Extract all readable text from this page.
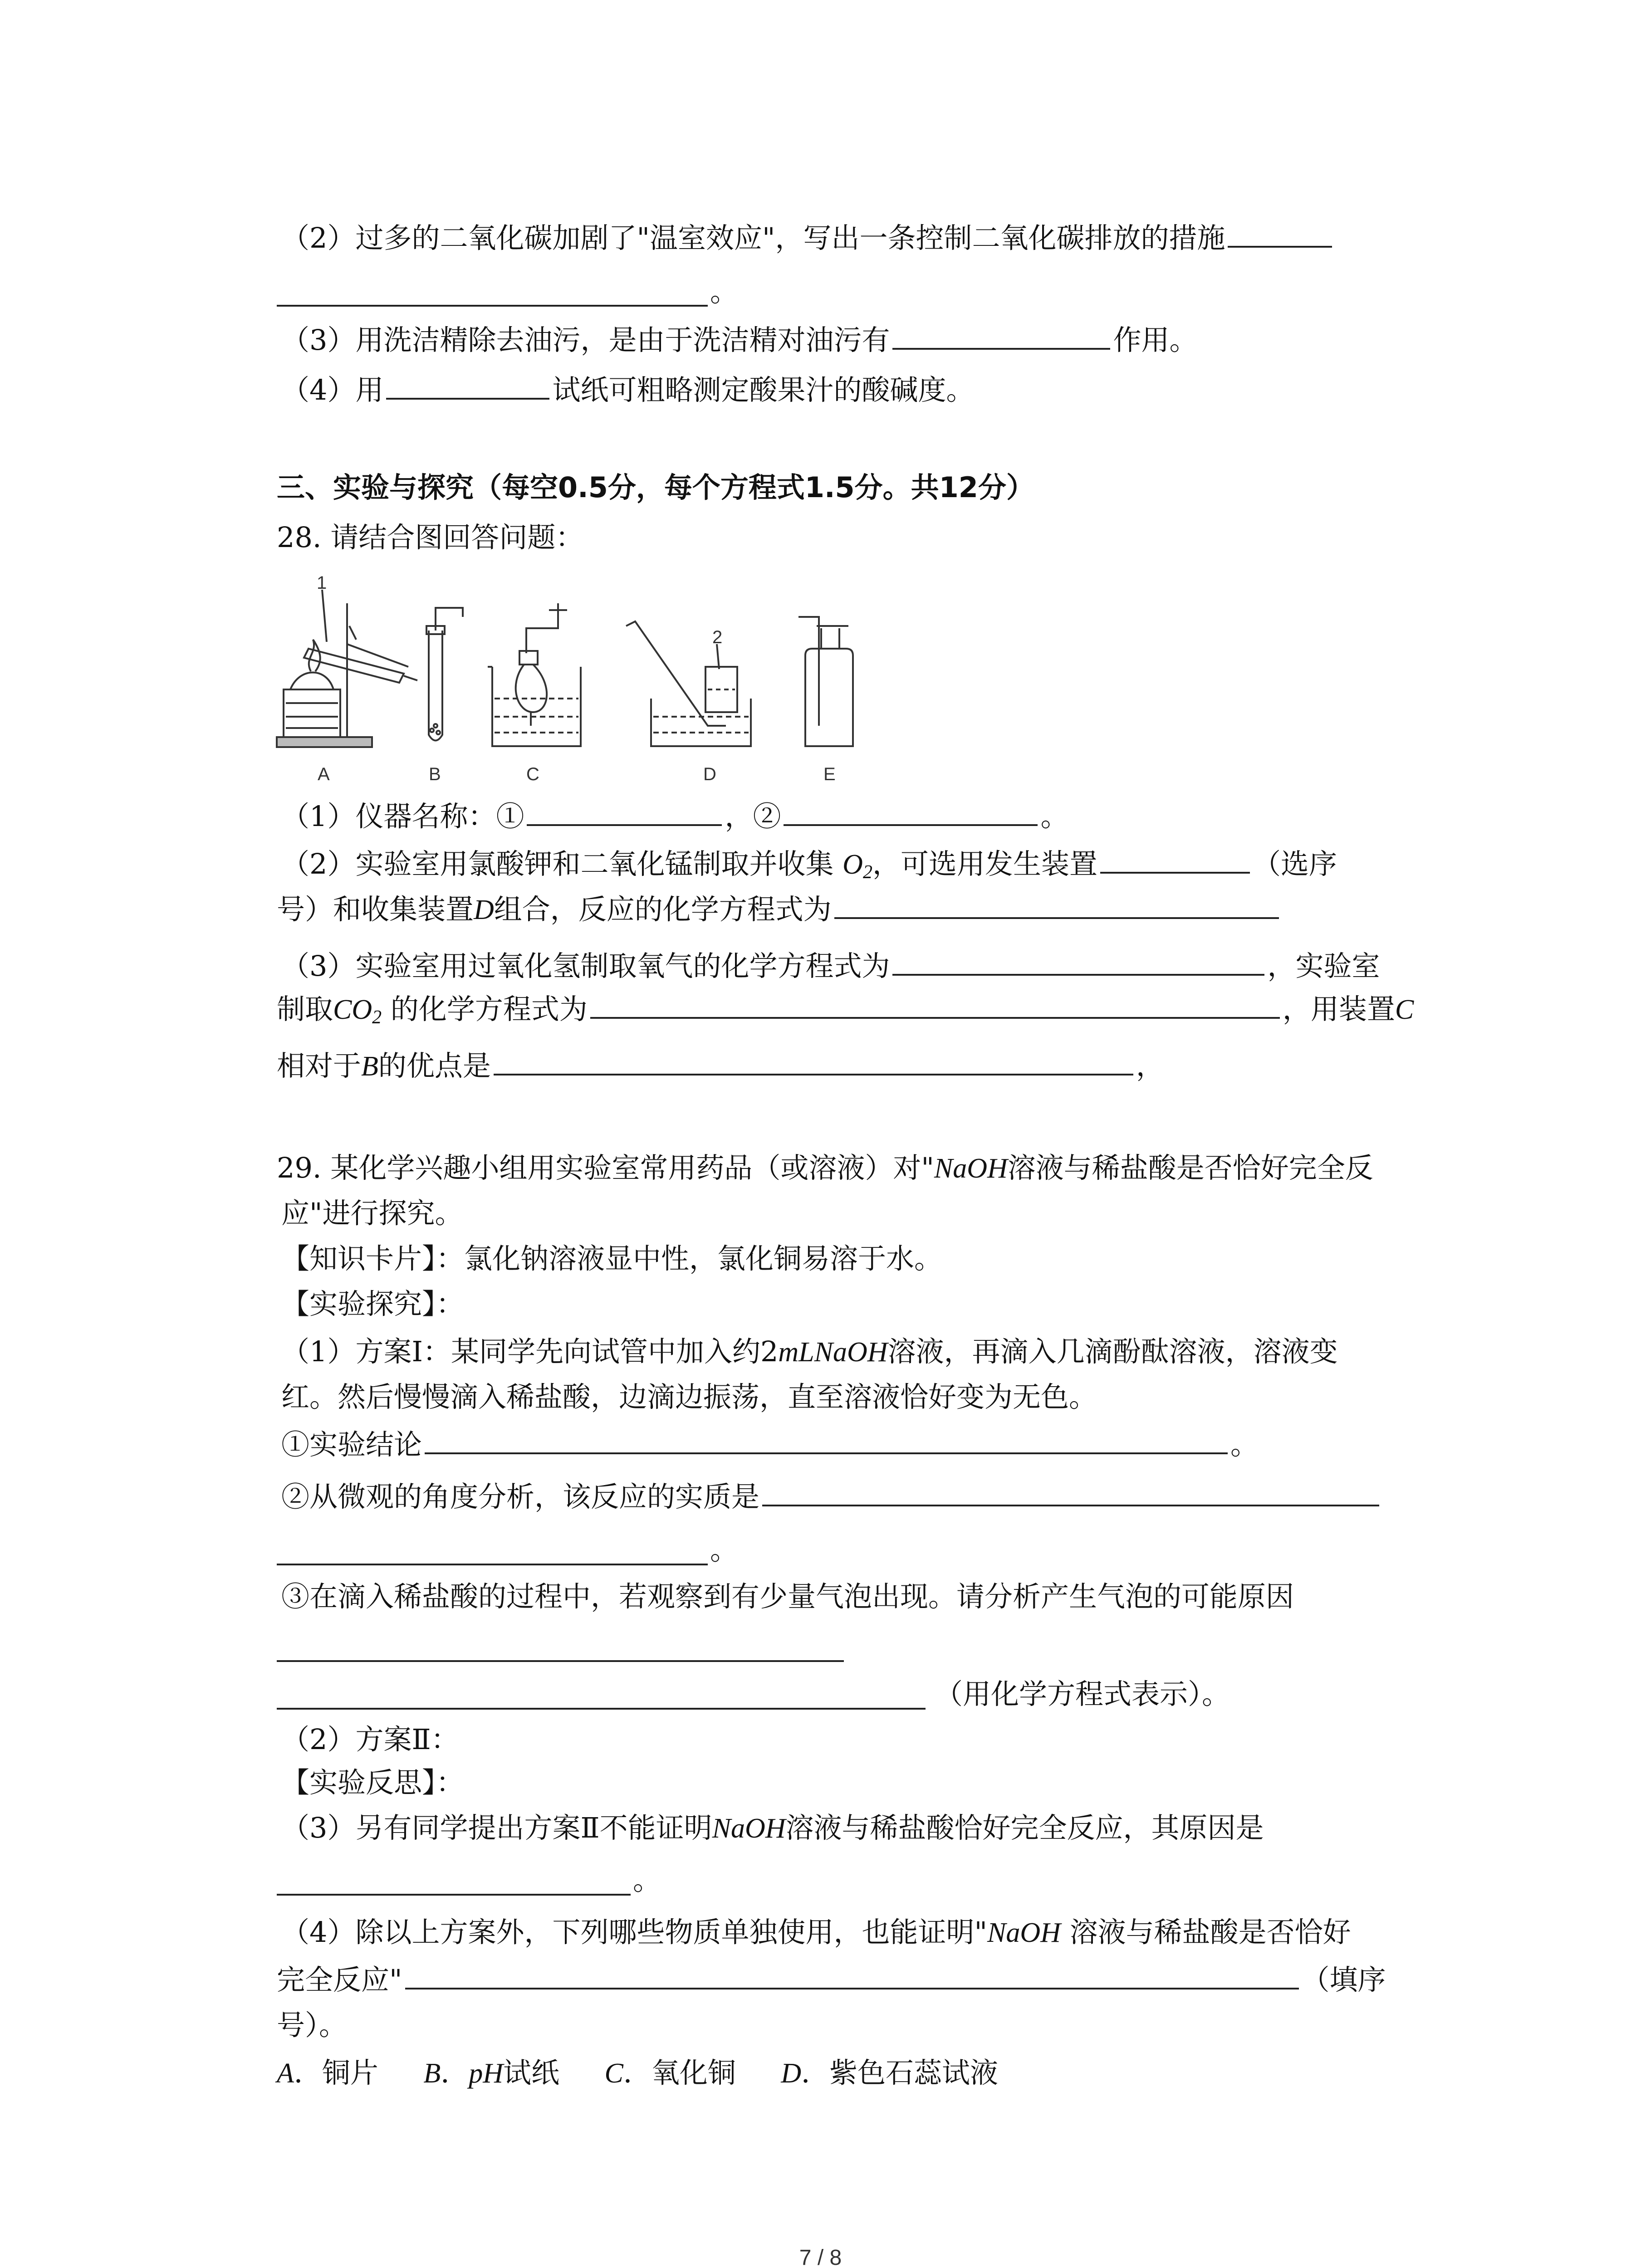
（2）过多的二氧化碳加剧了"温室效应"，写出一条控制二氧化碳排放的措施
。
（3）用洗洁精除去油污，是由于洗洁精对油污有	作用。
（4）用	试纸可粗略测定酸果汁的酸碱度。
三、实验与探究（每空0.5分，每个方程式1.5分。共12分）
28. 请结合图回答问题：
1
2
A	B	C	D	E
（1）仪器名称：①	，②	。
（2）实验室用氯酸钾和二氧化锰制取并收集 $O_2$，可选用发生装置	（选序
号）和收集装置D组合，反应的化学方程式为
（3）实验室用过氧化氢制取氧气的化学方程式为	，实验室
制取$CO_2$ 的化学方程式为	，用装置C
相对于B的优点是	，
29. 某化学兴趣小组用实验室常用药品（或溶液）对"NaOH溶液与稀盐酸是否恰好完全反
应"进行探究。
【知识卡片】：氯化钠溶液显中性，氯化铜易溶于水。
【实验探究】：
（1）方案Ⅰ：某同学先向试管中加入约2mLNaOH溶液，再滴入几滴酚酞溶液，溶液变
红。然后慢慢滴入稀盐酸，边滴边振荡，直至溶液恰好变为无色。
①实验结论	。
②从微观的角度分析，该反应的实质是
。
③在滴入稀盐酸的过程中，若观察到有少量气泡出现。请分析产生气泡的可能原因
（用化学方程式表示）。
（2）方案Ⅱ：
【实验反思】：
（3）另有同学提出方案Ⅱ不能证明NaOH溶液与稀盐酸恰好完全反应，其原因是
。
（4）除以上方案外，下列哪些物质单独使用，也能证明"NaOH 溶液与稀盐酸是否恰好
完全反应"	（填序
号）。
A．铜片 B．pH试纸 C．氧化铜 D．紫色石蕊试液
7 / 8
